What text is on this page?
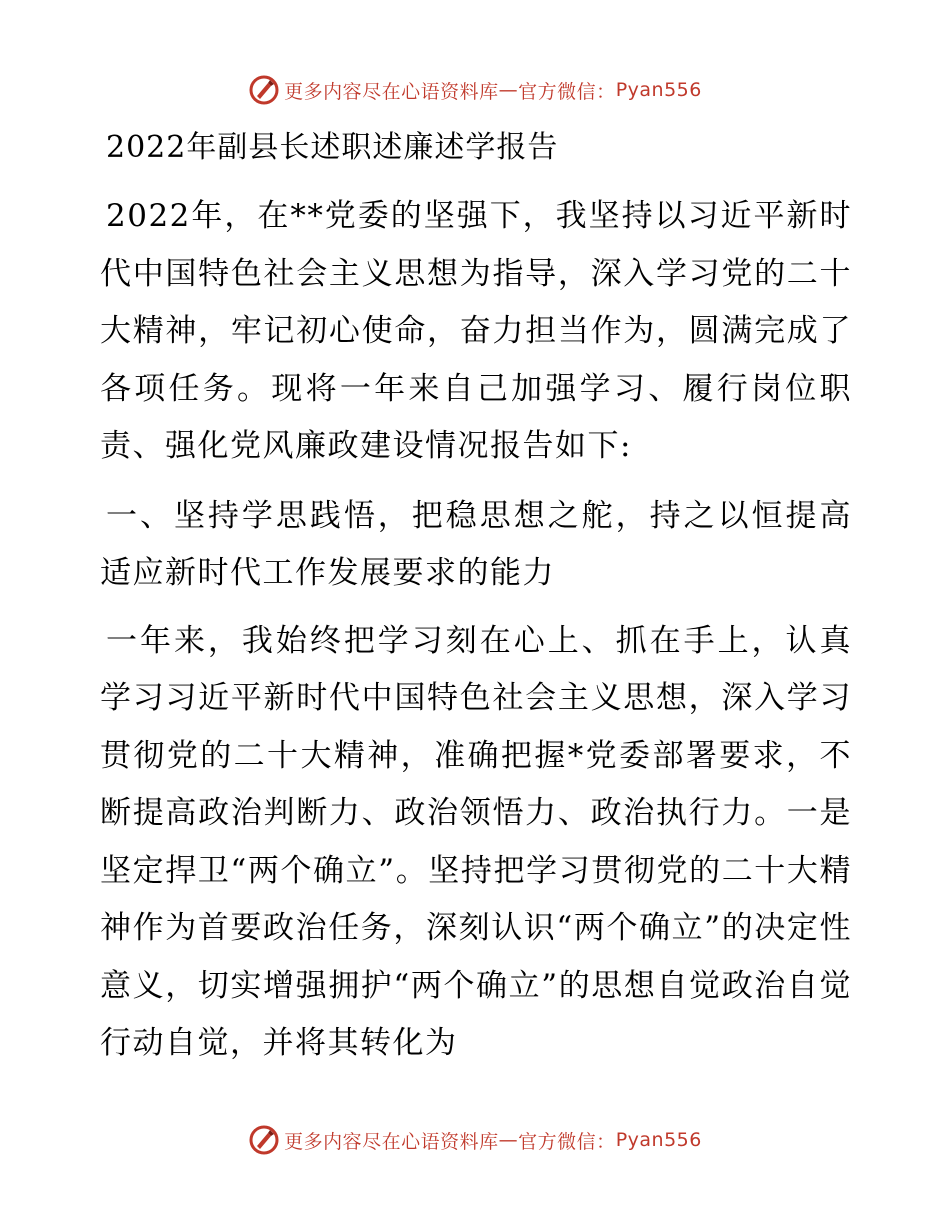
更多内容尽在心语资料库 — 官方微信： Pyan556
2022年副县长述职述廉述学报告

2022年，在**党委的坚强下，我坚持以习近平新时代中国特色社会主义思想为指导，深入学习党的二十大精神，牢记初心使命，奋力担当作为，圆满完成了各项任务。现将一年来自己加强学习、履行岗位职责、强化党风廉政建设情况报告如下:

一、坚持学思践悟，把稳思想之舵，持之以恒提高适应新时代工作发展要求的能力

一年来，我始终把学习刻在心上、抓在手上，认真学习习近平新时代中国特色社会主义思想，深入学习贯彻党的二十大精神，准确把握*党委部署要求，不断提高政治判断力、政治领悟力、政治执行力。一是坚定捍卫“两个确立”。坚持把学习贯彻党的二十大精神作为首要政治任务，深刻认识“两个确立”的决定性意义，切实增强拥护“两个确立”的思想自觉政治自觉行动自觉，并将其转化为

更多内容尽在心语资料库 — 官方微信： Pyan556
